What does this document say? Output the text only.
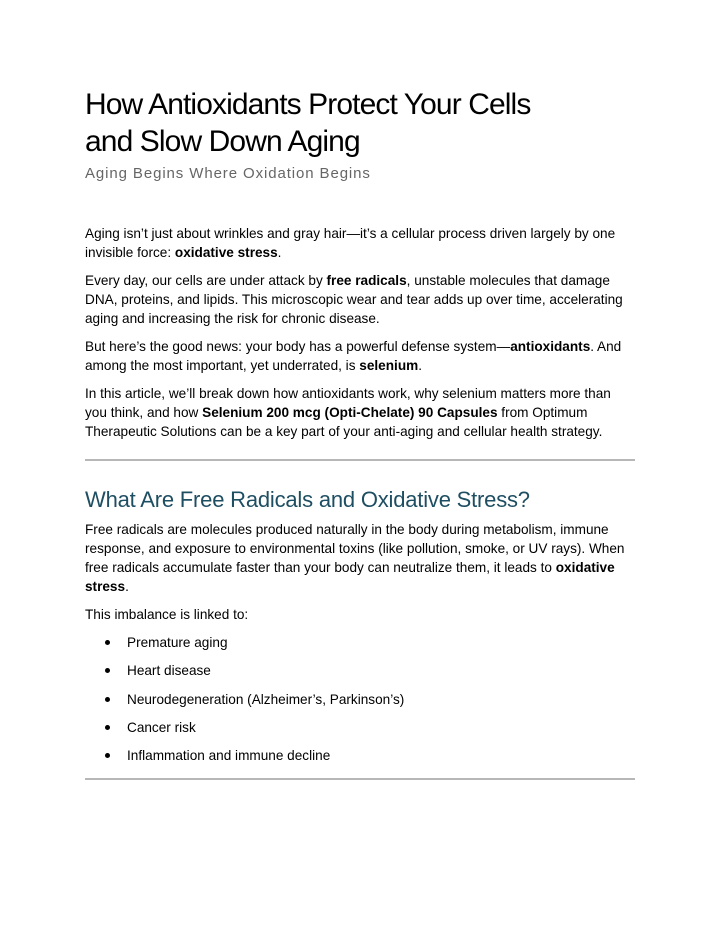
How Antioxidants Protect Your Cells
and Slow Down Aging
Aging Begins Where Oxidation Begins

Aging isn’t just about wrinkles and gray hair—it’s a cellular process driven largely by one invisible force: oxidative stress.

Every day, our cells are under attack by free radicals, unstable molecules that damage DNA, proteins, and lipids. This microscopic wear and tear adds up over time, accelerating aging and increasing the risk for chronic disease.

But here’s the good news: your body has a powerful defense system—antioxidants. And among the most important, yet underrated, is selenium.

In this article, we’ll break down how antioxidants work, why selenium matters more than you think, and how Selenium 200 mcg (Opti-Chelate) 90 Capsules from Optimum Therapeutic Solutions can be a key part of your anti-aging and cellular health strategy.

What Are Free Radicals and Oxidative Stress?

Free radicals are molecules produced naturally in the body during metabolism, immune response, and exposure to environmental toxins (like pollution, smoke, or UV rays). When free radicals accumulate faster than your body can neutralize them, it leads to oxidative stress.

This imbalance is linked to:

Premature aging
Heart disease
Neurodegeneration (Alzheimer’s, Parkinson’s)
Cancer risk
Inflammation and immune decline
